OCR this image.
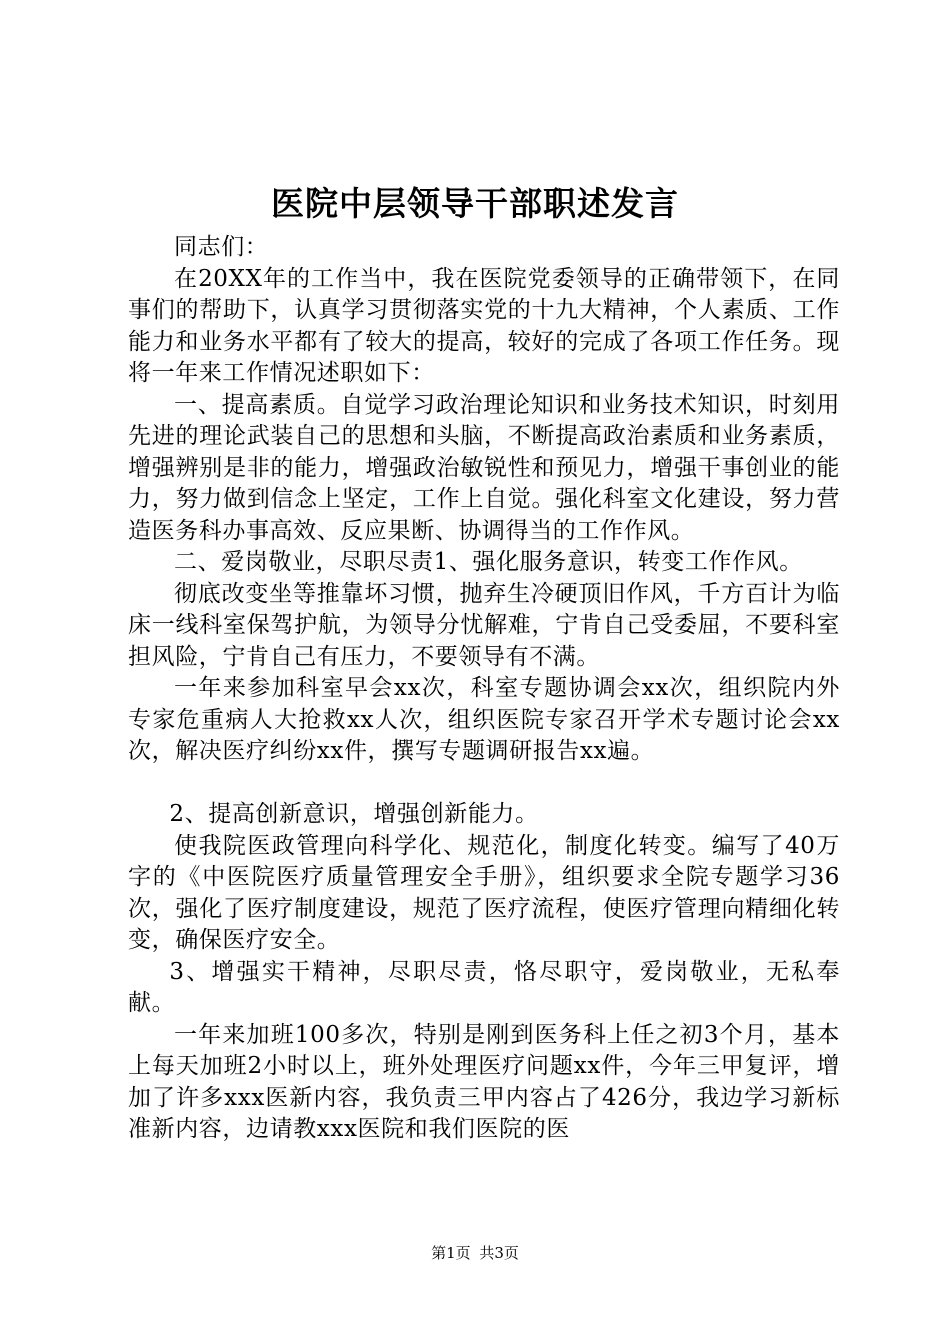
医院中层领导干部职述发言

同志们：

在20XX年的工作当中，我在医院党委领导的正确带领下，在同事们的帮助下，认真学习贯彻落实党的十九大精神，个人素质、工作能力和业务水平都有了较大的提高，较好的完成了各项工作任务。现将一年来工作情况述职如下：

一、提高素质。自觉学习政治理论知识和业务技术知识，时刻用先进的理论武装自己的思想和头脑，不断提高政治素质和业务素质，增强辨别是非的能力，增强政治敏锐性和预见力，增强干事创业的能力，努力做到信念上坚定，工作上自觉。强化科室文化建设，努力营造医务科办事高效、反应果断、协调得当的工作作风。

二、爱岗敬业，尽职尽责1、强化服务意识，转变工作作风。

彻底改变坐等推靠坏习惯，抛弃生冷硬顶旧作风，千方百计为临床一线科室保驾护航，为领导分忧解难，宁肯自己受委屈，不要科室担风险，宁肯自己有压力，不要领导有不满。

一年来参加科室早会xx次，科室专题协调会xx次，组织院内外专家危重病人大抢救xx人次，组织医院专家召开学术专题讨论会xx次，解决医疗纠纷xx件，撰写专题调研报告xx遍。

2、提高创新意识，增强创新能力。

使我院医政管理向科学化、规范化，制度化转变。编写了40万字的《中医院医疗质量管理安全手册》，组织要求全院专题学习36次，强化了医疗制度建设，规范了医疗流程，使医疗管理向精细化转变，确保医疗安全。

3、增强实干精神，尽职尽责，恪尽职守，爱岗敬业，无私奉献。

一年来加班100多次，特别是刚到医务科上任之初3个月，基本上每天加班2小时以上，班外处理医疗问题xx件，今年三甲复评，增加了许多xxx医新内容，我负责三甲内容占了426分，我边学习新标准新内容，边请教xxx医院和我们医院的医

第1页 共3页
